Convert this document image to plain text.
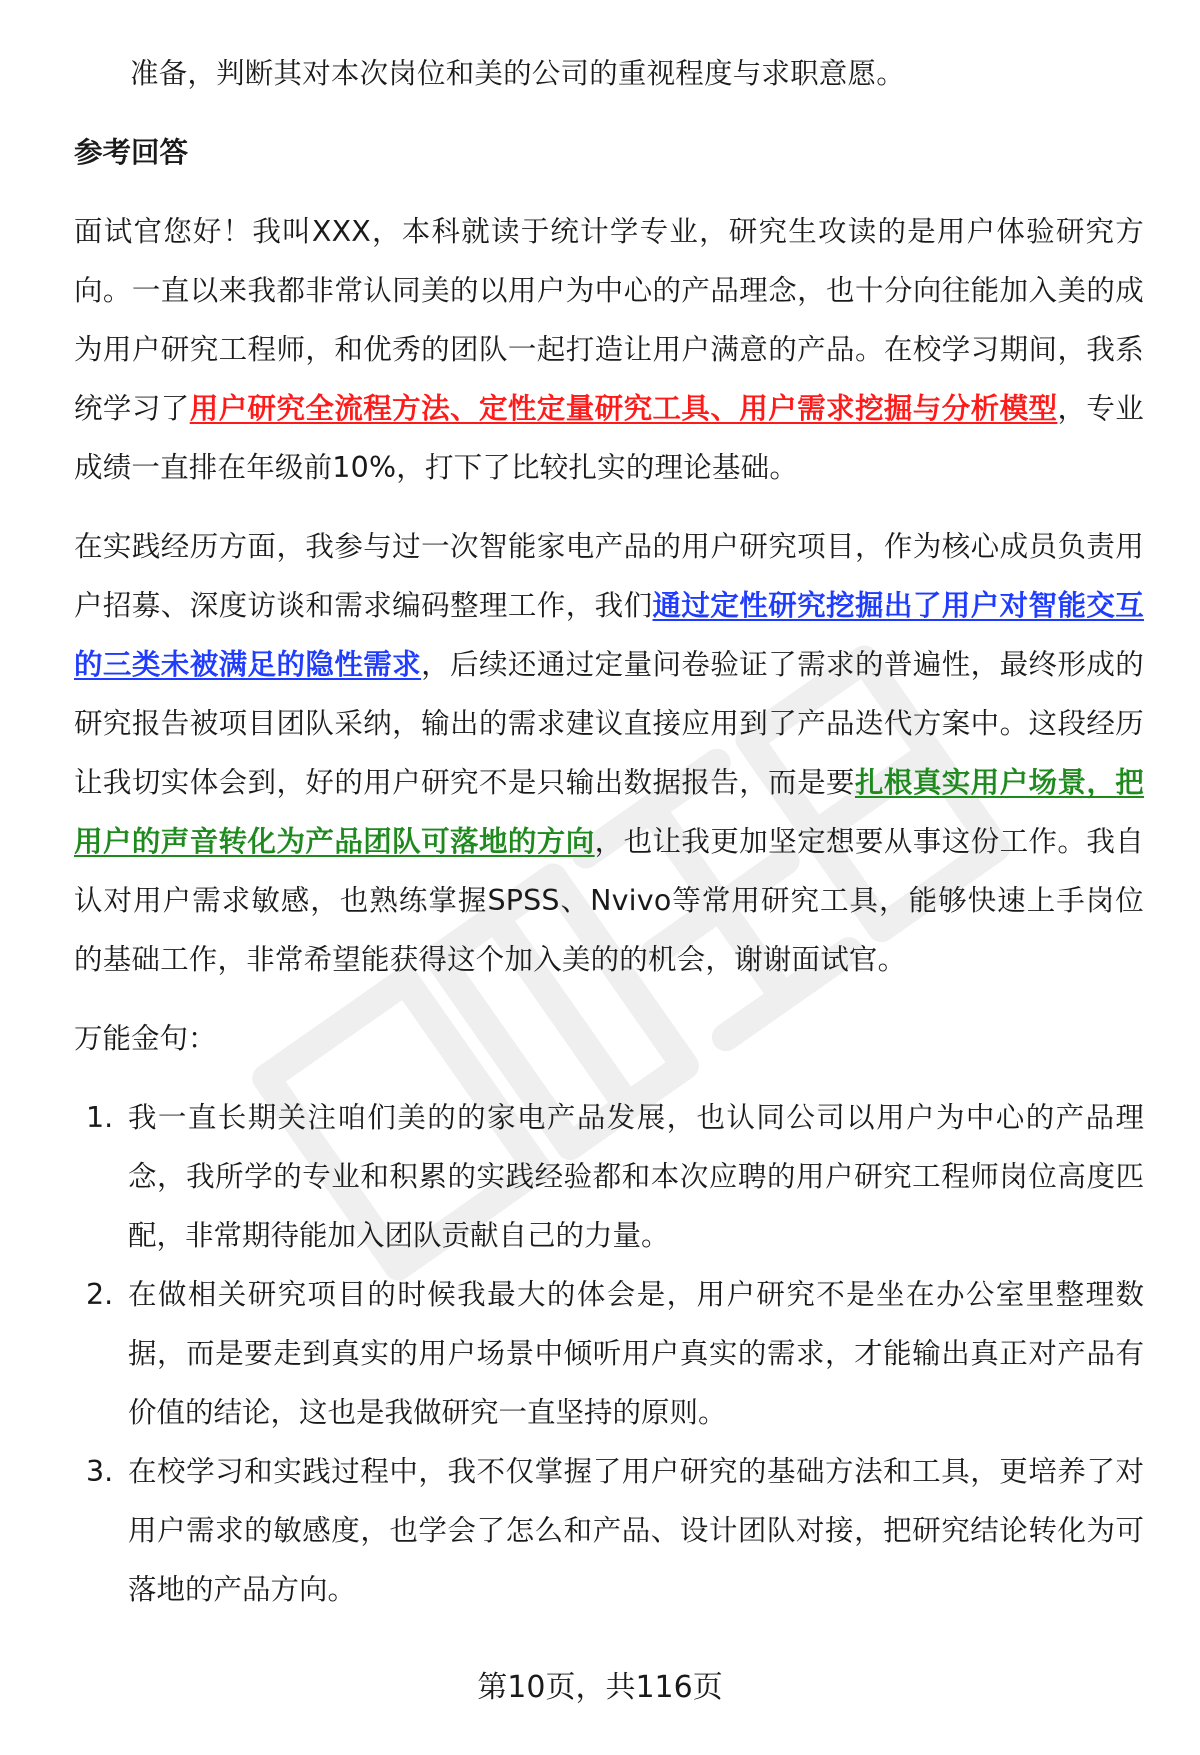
准备，判断其对本次岗位和美的公司的重视程度与求职意愿。

参考回答

面试官您好！我叫XXX，本科就读于统计学专业，研究生攻读的是用户体验研究方向。一直以来我都非常认同美的以用户为中心的产品理念，也十分向往能加入美的成为用户研究工程师，和优秀的团队一起打造让用户满意的产品。在校学习期间，我系统学习了用户研究全流程方法、定性定量研究工具、用户需求挖掘与分析模型，专业成绩一直排在年级前10%，打下了比较扎实的理论基础。

在实践经历方面，我参与过一次智能家电产品的用户研究项目，作为核心成员负责用户招募、深度访谈和需求编码整理工作，我们通过定性研究挖掘出了用户对智能交互的三类未被满足的隐性需求，后续还通过定量问卷验证了需求的普遍性，最终形成的研究报告被项目团队采纳，输出的需求建议直接应用到了产品迭代方案中。这段经历让我切实体会到，好的用户研究不是只输出数据报告，而是要扎根真实用户场景，把用户的声音转化为产品团队可落地的方向，也让我更加坚定想要从事这份工作。我自认对用户需求敏感，也熟练掌握SPSS、Nvivo等常用研究工具，能够快速上手岗位的基础工作，非常希望能获得这个加入美的的机会，谢谢面试官。

万能金句：

1. 我一直长期关注咱们美的的家电产品发展，也认同公司以用户为中心的产品理念，我所学的专业和积累的实践经验都和本次应聘的用户研究工程师岗位高度匹配，非常期待能加入团队贡献自己的力量。
2. 在做相关研究项目的时候我最大的体会是，用户研究不是坐在办公室里整理数据，而是要走到真实的用户场景中倾听用户真实的需求，才能输出真正对产品有价值的结论，这也是我做研究一直坚持的原则。
3. 在校学习和实践过程中，我不仅掌握了用户研究的基础方法和工具，更培养了对用户需求的敏感度，也学会了怎么和产品、设计团队对接，把研究结论转化为可落地的产品方向。
第10页，共116页
